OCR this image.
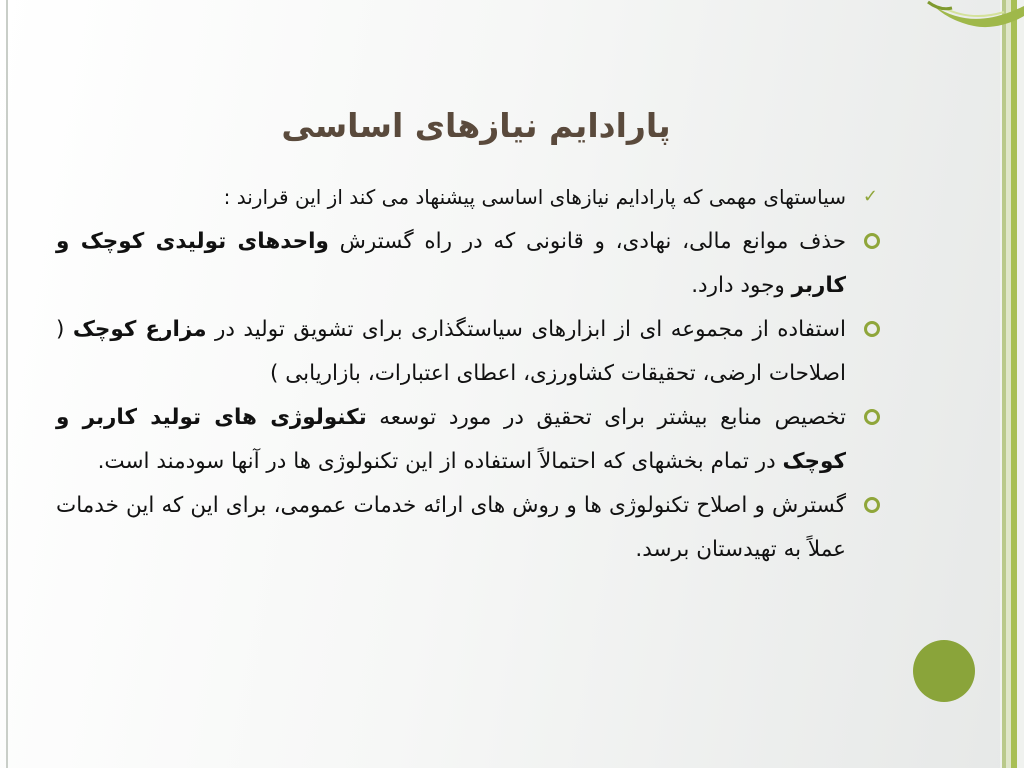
پارادایم نیازهای اساسی
✓
سیاستهای مهمی که پارادایم نیازهای اساسی پیشنهاد می کند از این قرارند :
حذف موانع مالی، نهادی، و قانونی که در راه گسترش واحدهای تولیدی کوچک و کاربر وجود دارد.
استفاده از مجموعه ای از ابزارهای سیاستگذاری برای تشویق تولید در مزارع کوچک ( اصلاحات ارضی، تحقیقات کشاورزی، اعطای اعتبارات، بازاریابی )
تخصیص منابع بیشتر برای تحقیق در مورد توسعه تکنولوژی های تولید کاربر و کوچک در تمام بخشهای که احتمالاً استفاده از این تکنولوژی ها در آنها سودمند است.
گسترش و اصلاح تکنولوژی ها و روش های ارائه خدمات عمومی، برای این که این خدمات عملاً به تهیدستان برسد.
